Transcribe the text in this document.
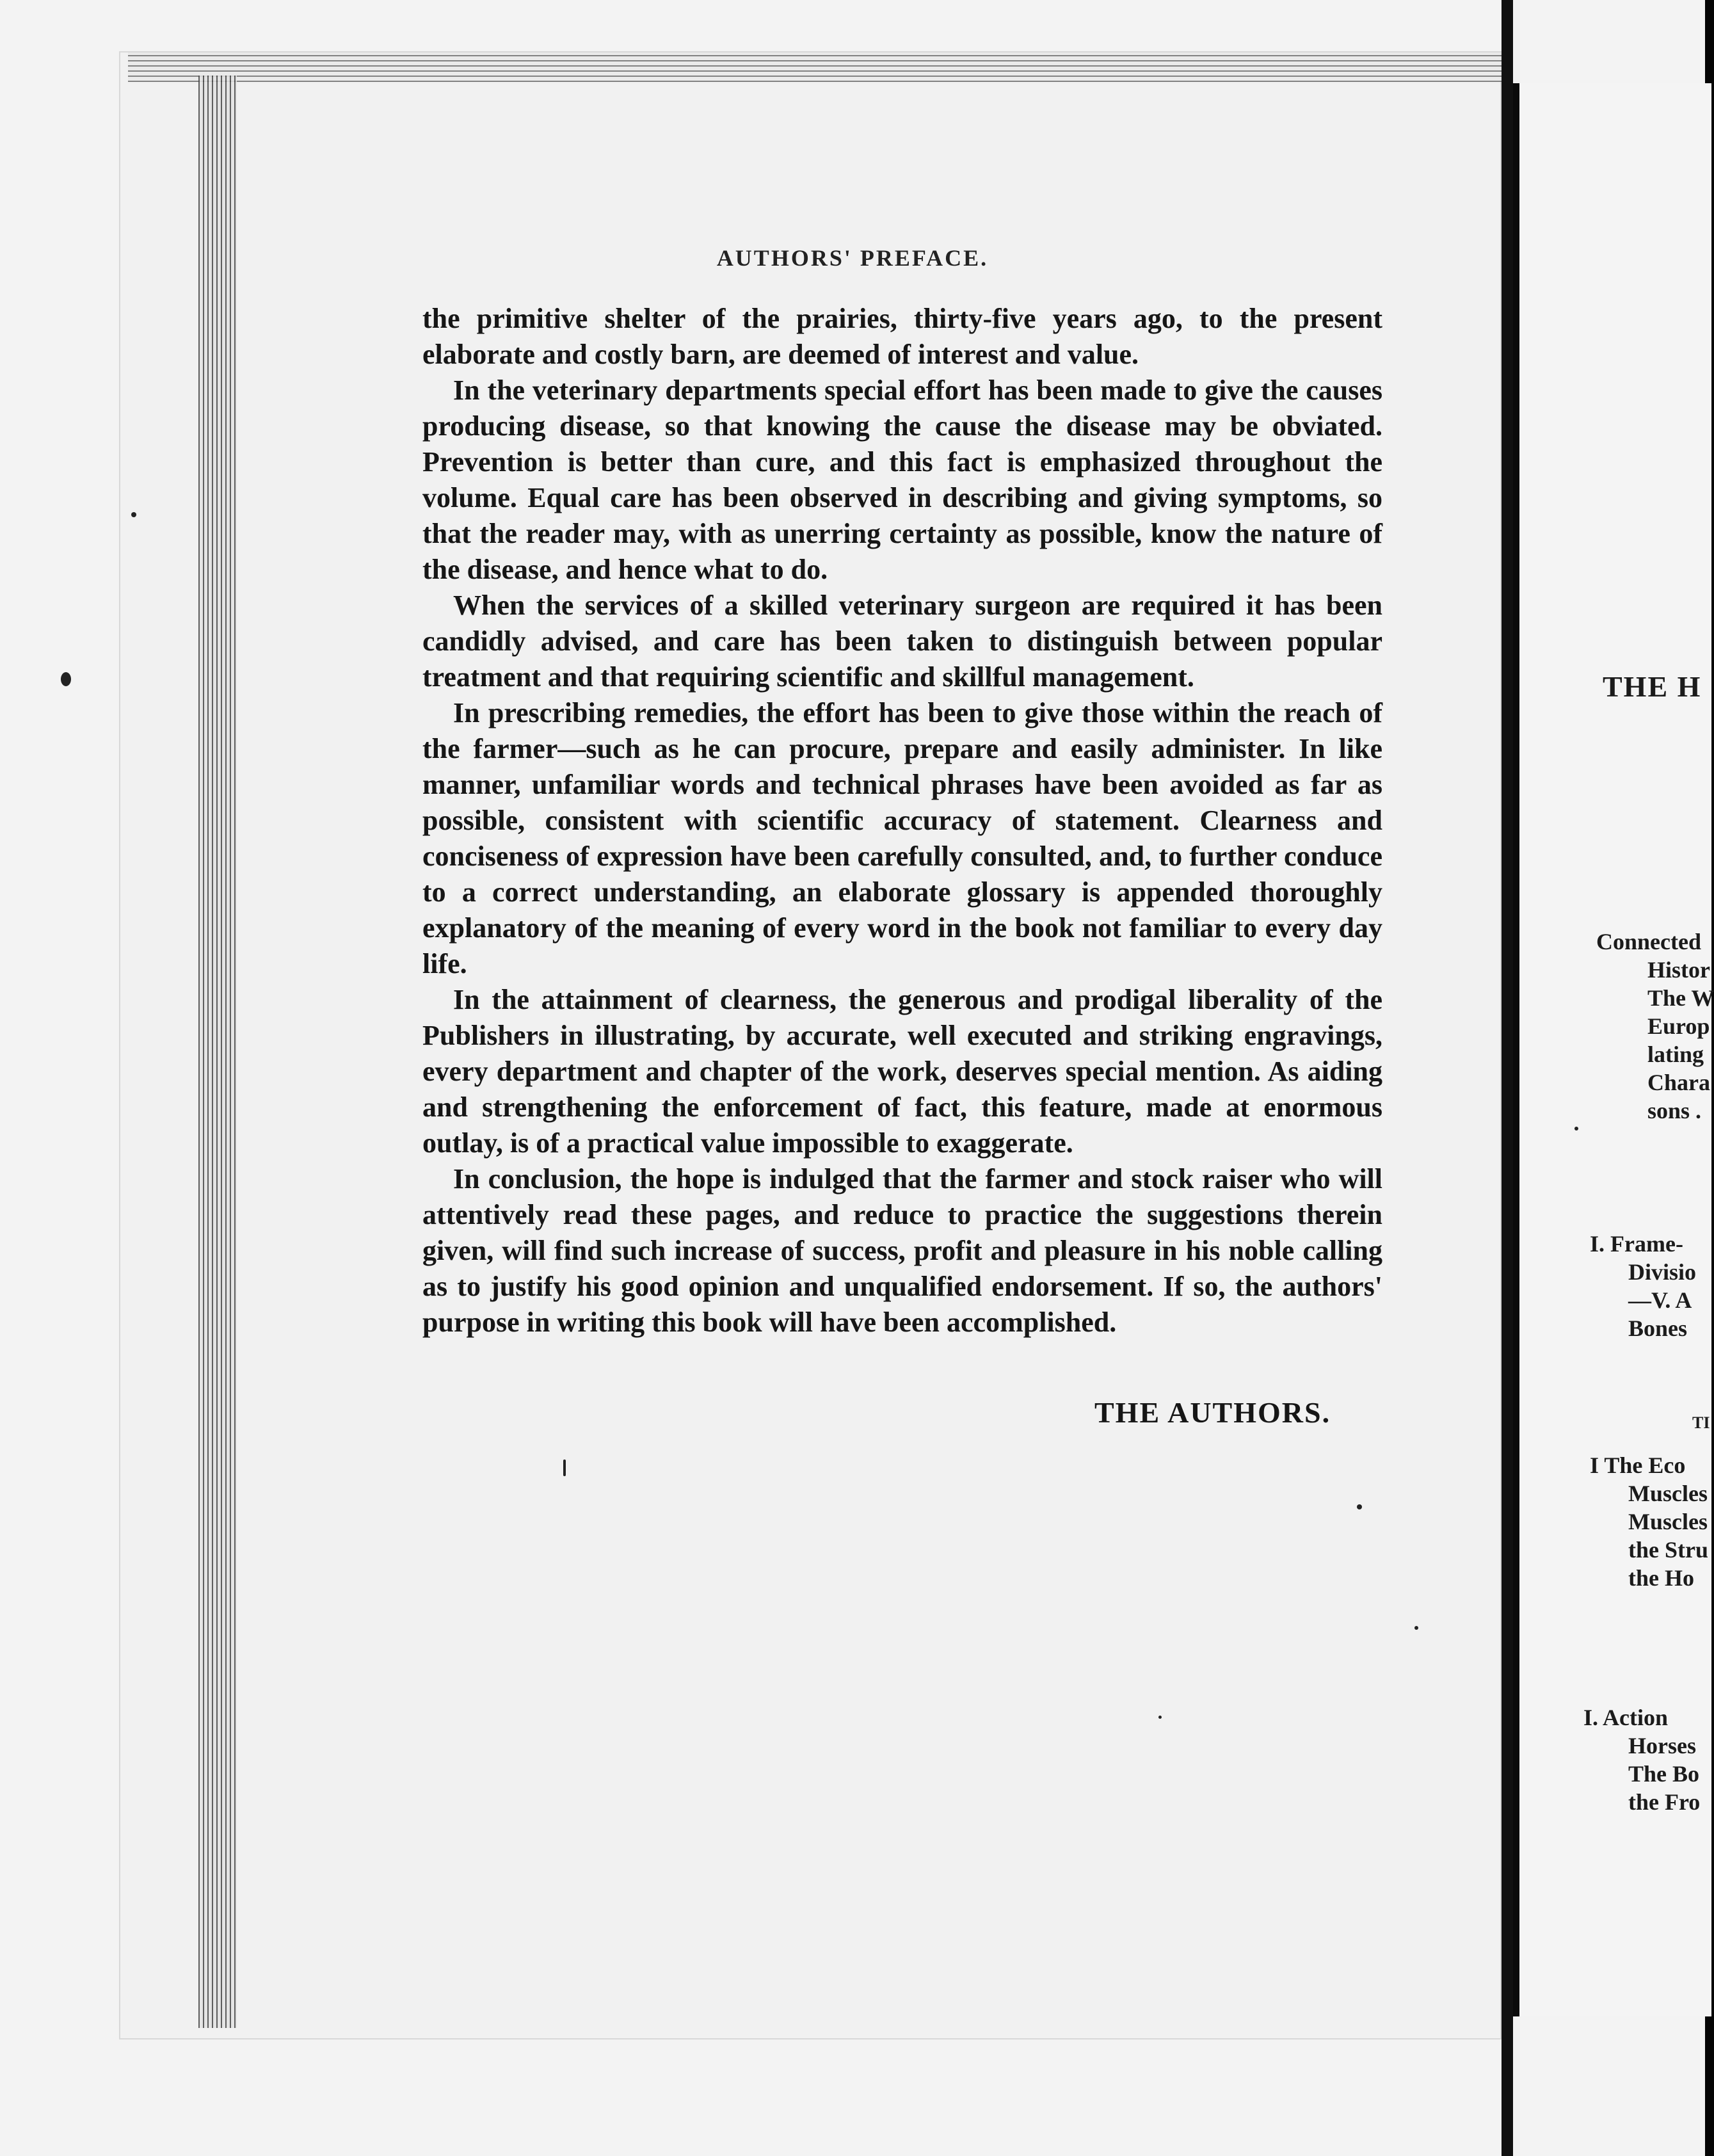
AUTHORS' PREFACE.

the primitive shelter of the prairies, thirty-five years ago, to the present elaborate and costly barn, are deemed of interest and value.

In the veterinary departments special effort has been made to give the causes producing disease, so that knowing the cause the disease may be obviated. Prevention is better than cure, and this fact is emphasized throughout the volume. Equal care has been observed in describing and giving symptoms, so that the reader may, with as unerring certainty as possible, know the nature of the disease, and hence what to do.

When the services of a skilled veterinary surgeon are required it has been candidly advised, and care has been taken to distinguish between popular treatment and that requiring scientific and skillful management.

In prescribing remedies, the effort has been to give those within the reach of the farmer—such as he can procure, prepare and easily administer. In like manner, unfamiliar words and technical phrases have been avoided as far as possible, consistent with scientific accuracy of statement. Clearness and conciseness of expression have been carefully consulted, and, to further conduce to a correct understanding, an elaborate glossary is appended thoroughly explanatory of the meaning of every word in the book not familiar to every day life.

In the attainment of clearness, the generous and prodigal liberality of the Publishers in illustrating, by accurate, well executed and striking engravings, every department and chapter of the work, deserves special mention. As aiding and strengthening the enforcement of fact, this feature, made at enormous outlay, is of a practical value impossible to exaggerate.

In conclusion, the hope is indulged that the farmer and stock raiser who will attentively read these pages, and reduce to practice the suggestions therein given, will find such increase of success, profit and pleasure in his noble calling as to justify his good opinion and unqualified endorsement. If so, the authors' purpose in writing this book will have been accomplished.

THE AUTHORS.
THE H
Connected
Histor
The W
Europ
lating
Chara
sons .
I. Frame-
Divisio
—V. A
Bones
TI
I The Eco
Muscles
Muscles
the Stru
the Ho
I. Action
Horses
The Bo
the Fro
